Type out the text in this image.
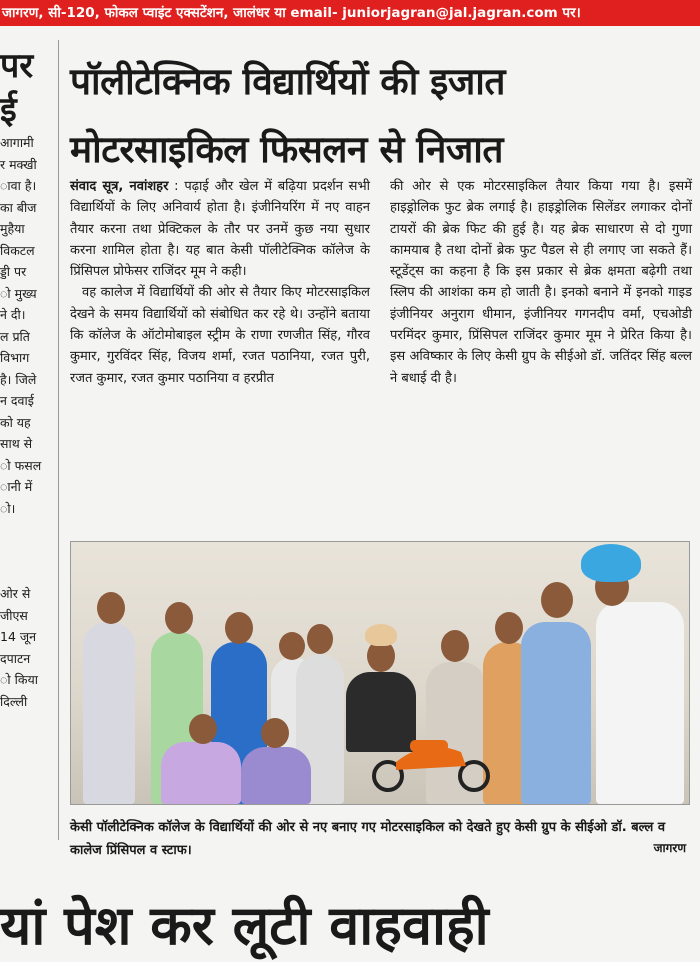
जागरण, सी-120, फोकल प्वाइंट एक्सटेंशन, जालंधर या email- juniorjagran@jal.jagran.com पर।
पर
ई
आगामी
र मक्खी
ावा है।
का बीज
मुहैया
विकटल
ड्डी पर
ो मुख्य
ने दी।
ल प्रति
विभाग
है। जिले
न दवाई
को यह
साथ से
ो फसल
ानी में
ो।
ओर से
जीएस
14 जून
दपाटन
ो किया
दिल्ली
पॉलीटेक्निक विद्यार्थियों की इजात
मोटरसाइकिल फिसलन से निजात

संवाद सूत्र, नवांशहर : पढ़ाई और खेल में बढ़िया प्रदर्शन सभी विद्यार्थियों के लिए अनिवार्य होता है। इंजीनियरिंग में नए वाहन तैयार करना तथा प्रेक्टिकल के तौर पर उनमें कुछ नया सुधार करना शामिल होता है। यह बात केसी पॉलीटेक्निक कॉलेज के प्रिंसिपल प्रोफेसर राजिंदर मूम ने कही।

वह कालेज में विद्यार्थियों की ओर से तैयार किए मोटरसाइकिल देखने के समय विद्यार्थियों को संबोधित कर रहे थे। उन्होंने बताया कि कॉलेज के ऑटोमोबाइल स्ट्रीम के राणा रणजीत सिंह, गौरव कुमार, गुरविंदर सिंह, विजय शर्मा, रजत पठानिया, रजत पुरी, रजत कुमार, रजत कुमार पठानिया व हरप्रीत

की ओर से एक मोटरसाइकिल तैयार किया गया है। इसमें हाइड्रोलिक फुट ब्रेक लगाई है। हाइड्रोलिक सिलेंडर लगाकर दोनों टायरों की ब्रेक फिट की हुई है। यह ब्रेक साधारण से दो गुणा कामयाब है तथा दोनों ब्रेक फुट पैडल से ही लगाए जा सकते हैं। स्टूडेंट्स का कहना है कि इस प्रकार से ब्रेक क्षमता बढ़ेगी तथा स्लिप की आशंका कम हो जाती है। इनको बनाने में इनको गाइड इंजीनियर अनुराग धीमान, इंजीनियर गगनदीप वर्मा, एचओडी परमिंदर कुमार, प्रिंसिपल राजिंदर कुमार मूम ने प्रेरित किया है। इस अविष्कार के लिए केसी ग्रुप के सीईओ डॉ. जतिंदर सिंह बल्ल ने बधाई दी है।

केसी पॉलीटेक्निक कॉलेज के विद्यार्थियों की ओर से नए बनाए गए मोटरसाइकिल को देखते हुए केसी ग्रुप के सीईओ डॉ. बल्ल व कालेज प्रिंसिपल व स्टाफ।	जागरण
यां पेश कर लूटी वाहवाही
